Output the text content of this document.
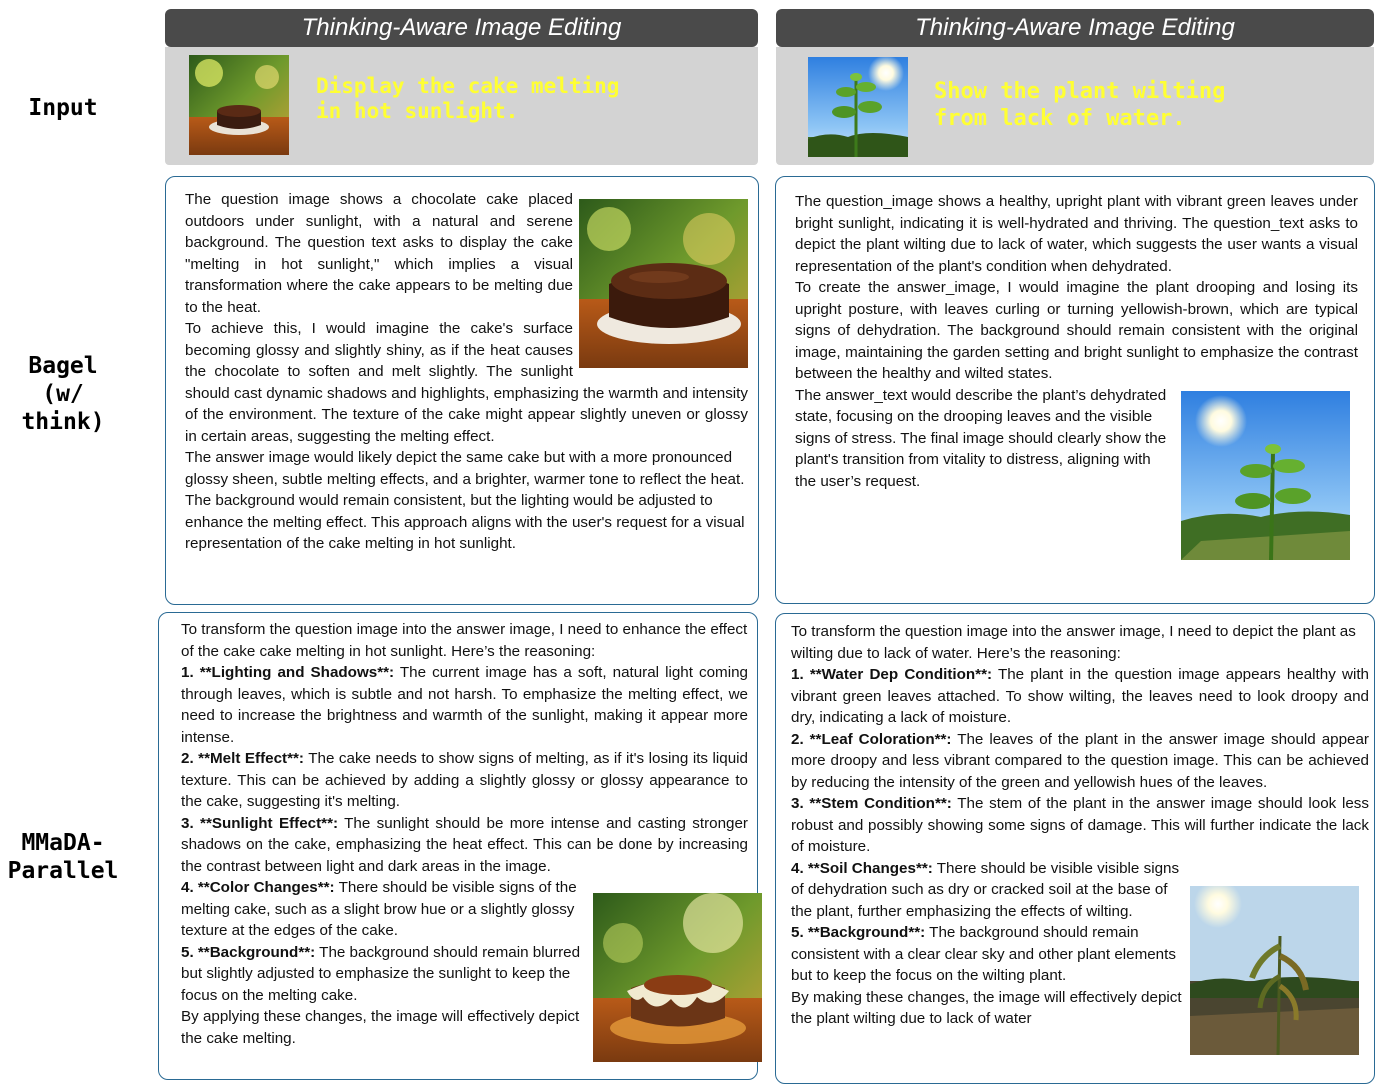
Input
Bagel
(w/ think)
MMaDA-
Parallel
Thinking-Aware Image Editing	Thinking-Aware Image Editing
Display the cake melting
in hot sunlight.
Show the plant wilting
from lack of water.

The question image shows a chocolate cake placed outdoors under sunlight, with a natural and serene background. The question text asks to display the cake "melting in hot sunlight," which implies a visual transformation where the cake appears to be melting due to the heat.

To achieve this, I would imagine the cake's surface becoming glossy and slightly shiny, as if the heat causes the chocolate to soften and melt slightly. The sunlight should cast dynamic shadows and highlights, emphasizing the warmth and intensity of the environment. The texture of the cake might appear slightly uneven or glossy in certain areas, suggesting the melting effect.

The answer image would likely depict the same cake but with a more pronounced glossy sheen, subtle melting effects, and a brighter, warmer tone to reflect the heat. The background would remain consistent, but the lighting would be adjusted to enhance the melting effect. This approach aligns with the user's request for a visual representation of the cake melting in hot sunlight.

The question_image shows a healthy, upright plant with vibrant green leaves under bright sunlight, indicating it is well-hydrated and thriving. The question_text asks to depict the plant wilting due to lack of water, which suggests the user wants a visual representation of the plant's condition when dehydrated.

To create the answer_image, I would imagine the plant drooping and losing its upright posture, with leaves curling or turning yellowish-brown, which are typical signs of dehydration. The background should remain consistent with the original image, maintaining the garden setting and bright sunlight to emphasize the contrast between the healthy and wilted states.

The answer_text would describe the plant’s dehydrated state, focusing on the drooping leaves and the visible signs of stress. The final image should clearly show the plant's transition from vitality to distress, aligning with the user’s request.

To transform the question image into the answer image, I need to enhance the effect of the cake cake melting in hot sunlight. Here’s the reasoning:

1. **Lighting and Shadows**: The current image has a soft, natural light coming through leaves, which is subtle and not harsh. To emphasize the melting effect, we need to increase the brightness and warmth of the sunlight, making it appear more intense.

2. **Melt Effect**: The cake needs to show signs of melting, as if it's losing its liquid texture. This can be achieved by adding a slightly glossy or glossy appearance to the cake, suggesting it's melting.

3. **Sunlight Effect**: The sunlight should be more intense and casting stronger shadows on the cake, emphasizing the heat effect. This can be done by increasing the contrast between light and dark areas in the image.

4. **Color Changes**: There should be visible signs of the melting cake, such as a slight brow hue or a slightly glossy texture at the edges of the cake.

5. **Background**: The background should remain blurred but slightly adjusted to emphasize the sunlight to keep the focus on the melting cake.

By applying these changes, the image will effectively depict the cake melting.

To transform the question image into the answer image, I need to depict the plant as wilting due to lack of water. Here’s the reasoning:

1. **Water Dep Condition**: The plant in the question image appears healthy with vibrant green leaves attached. To show wilting, the leaves need to look droopy and dry, indicating a lack of moisture.

2. **Leaf Coloration**: The leaves of the plant in the answer image should appear more droopy and less vibrant compared to the question image. This can be achieved by reducing the intensity of the green and yellowish hues of the leaves.

3. **Stem Condition**: The stem of the plant in the answer image should look less robust and possibly showing some signs of damage. This will further indicate the lack of moisture.

4. **Soil Changes**: There should be visible visible signs of dehydration such as dry or cracked soil at the base of the plant, further emphasizing the effects of wilting.

5. **Background**: The background should remain consistent with a clear clear sky and other plant elements but to keep the focus on the wilting plant.

By making these changes, the image will effectively depict the plant wilting due to lack of water
